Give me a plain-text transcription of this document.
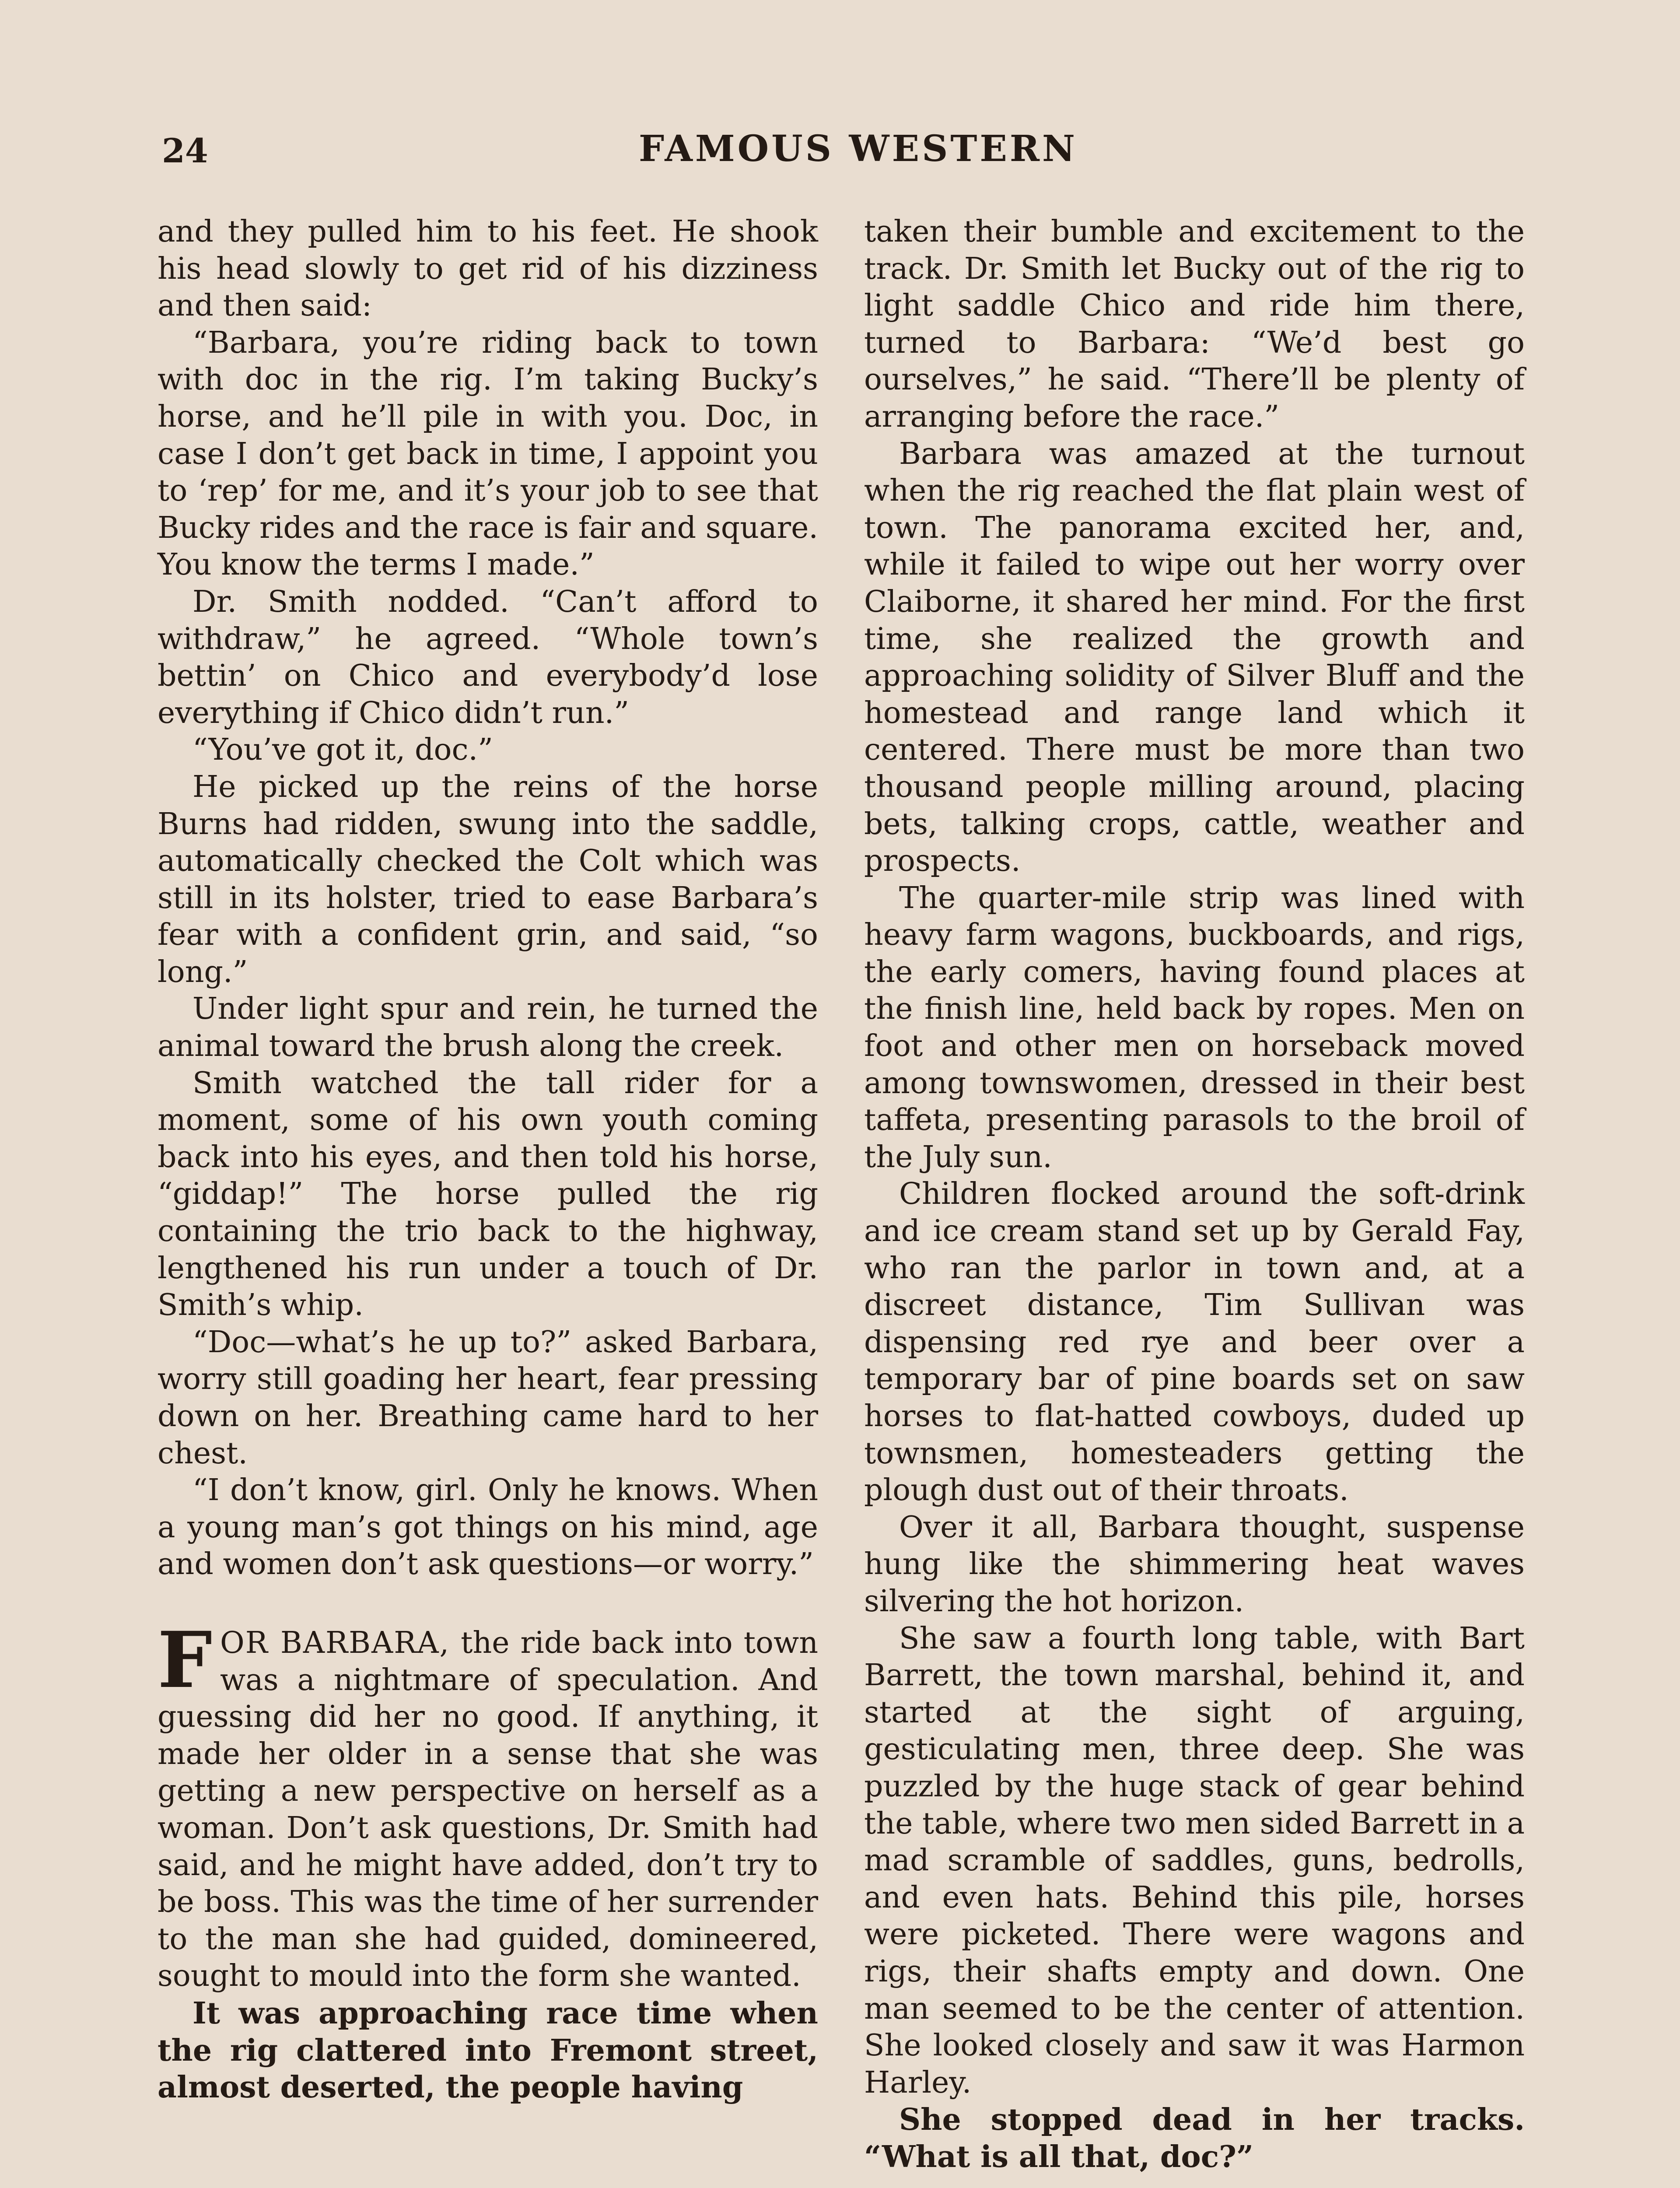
24	FAMOUS WESTERN

and they pulled him to his feet. He shook his head slowly to get rid of his dizziness and then said:

“Barbara, you’re riding back to town with doc in the rig. I’m taking Bucky’s horse, and he’ll pile in with you. Doc, in case I don’t get back in time, I appoint you to ‘rep’ for me, and it’s your job to see that Bucky rides and the race is fair and square. You know the terms I made.”

Dr. Smith nodded. “Can’t afford to withdraw,” he agreed. “Whole town’s bettin’ on Chico and everybody’d lose everything if Chico didn’t run.”

“You’ve got it, doc.”

He picked up the reins of the horse Burns had ridden, swung into the saddle, automatically checked the Colt which was still in its holster, tried to ease Barbara’s fear with a confident grin, and said, “so long.”

Under light spur and rein, he turned the animal toward the brush along the creek.

Smith watched the tall rider for a moment, some of his own youth coming back into his eyes, and then told his horse, “giddap!” The horse pulled the rig containing the trio back to the highway, lengthened his run under a touch of Dr. Smith’s whip.

“Doc—what’s he up to?” asked Barbara, worry still goading her heart, fear pressing down on her. Breathing came hard to her chest.

“I don’t know, girl. Only he knows. When a young man’s got things on his mind, age and women don’t ask questions—or worry.”

FOR BARBARA, the ride back into town was a nightmare of speculation. And guessing did her no good. If anything, it made her older in a sense that she was getting a new perspective on herself as a woman. Don’t ask questions, Dr. Smith had said, and he might have added, don’t try to be boss. This was the time of her surrender to the man she had guided, domineered, sought to mould into the form she wanted.

It was approaching race time when the rig clattered into Fremont street, almost deserted, the people having

taken their bumble and excitement to the track. Dr. Smith let Bucky out of the rig to light saddle Chico and ride him there, turned to Barbara: “We’d best go ourselves,” he said. “There’ll be plenty of arranging before the race.”

Barbara was amazed at the turnout when the rig reached the flat plain west of town. The panorama excited her, and, while it failed to wipe out her worry over Claiborne, it shared her mind. For the first time, she realized the growth and approaching solidity of Silver Bluff and the homestead and range land which it centered. There must be more than two thousand people milling around, placing bets, talking crops, cattle, weather and prospects.

The quarter-mile strip was lined with heavy farm wagons, buckboards, and rigs, the early comers, having found places at the finish line, held back by ropes. Men on foot and other men on horseback moved among townswomen, dressed in their best taffeta, presenting parasols to the broil of the July sun.

Children flocked around the soft-drink and ice cream stand set up by Gerald Fay, who ran the parlor in town and, at a discreet distance, Tim Sullivan was dispensing red rye and beer over a temporary bar of pine boards set on saw horses to flat-hatted cowboys, duded up townsmen, homesteaders getting the plough dust out of their throats.

Over it all, Barbara thought, suspense hung like the shimmering heat waves silvering the hot horizon.

She saw a fourth long table, with Bart Barrett, the town marshal, behind it, and started at the sight of arguing, gesticulating men, three deep. She was puzzled by the huge stack of gear behind the table, where two men sided Barrett in a mad scramble of saddles, guns, bedrolls, and even hats. Behind this pile, horses were picketed. There were wagons and rigs, their shafts empty and down. One man seemed to be the center of attention. She looked closely and saw it was Harmon Harley.

She stopped dead in her tracks. “What is all that, doc?”
